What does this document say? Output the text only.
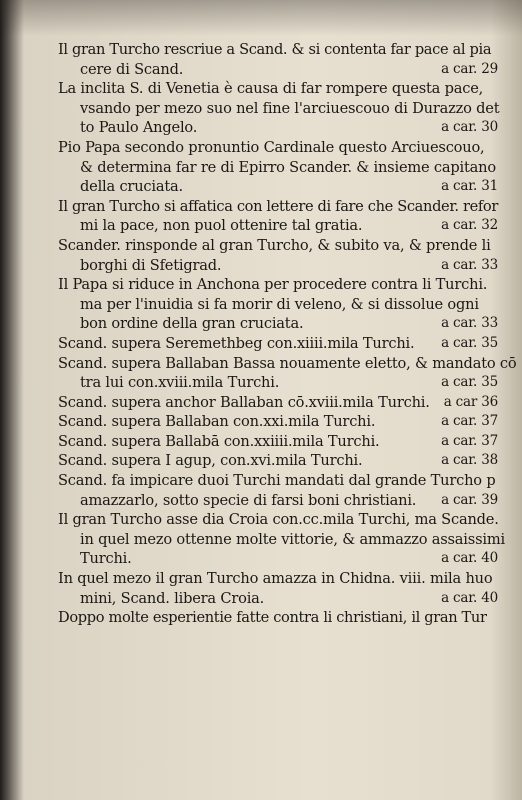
Il gran Turcho rescriue a Scand. & si contenta far pace al pia
cere di Scand.	a car. 29
La inclita S. di Venetia è causa di far rompere questa pace,
vsando per mezo suo nel fine l'arciuescouo di Durazzo det
to Paulo Angelo.	a car. 30
Pio Papa secondo pronuntio Cardinale questo Arciuescouo,
& determina far re di Epirro Scander. & insieme capitano
della cruciata.	a car. 31
Il gran Turcho si affatica con lettere di fare che Scander. refor
mi la pace, non puol ottenire tal gratia.	a car. 32
Scander. rinsponde al gran Turcho, & subito va, & prende li
borghi di Sfetigrad.	a car. 33
Il Papa si riduce in Anchona per procedere contra li Turchi.
ma per l'inuidia si fa morir di veleno, & si dissolue ogni
bon ordine della gran cruciata.	a car. 33
Scand. supera Seremethbeg con.xiiii.mila Turchi. a car. 35
Scand. supera Ballaban Bassa nouamente eletto, & mandato cō
tra lui con.xviii.mila Turchi.	a car. 35
Scand. supera anchor Ballaban cō.xviii.mila Turchi. a car 36
Scand. supera Ballaban con.xxi.mila Turchi.	a car. 37
Scand. supera Ballabā con.xxiiii.mila Turchi.	a car. 37
Scand. supera I agup, con.xvi.mila Turchi.	a car. 38
Scand. fa impicare duoi Turchi mandati dal grande Turcho p
amazzarlo, sotto specie di farsi boni christiani. a car. 39
Il gran Turcho asse dia Croia con.cc.mila Turchi, ma Scande.
in quel mezo ottenne molte vittorie, & ammazzo assaissimi
Turchi.	a car. 40
In quel mezo il gran Turcho amazza in Chidna. viii. mila huo
mini, Scand. libera Croia.	a car. 40
Doppo molte esperientie fatte contra li christiani, il gran Tur
